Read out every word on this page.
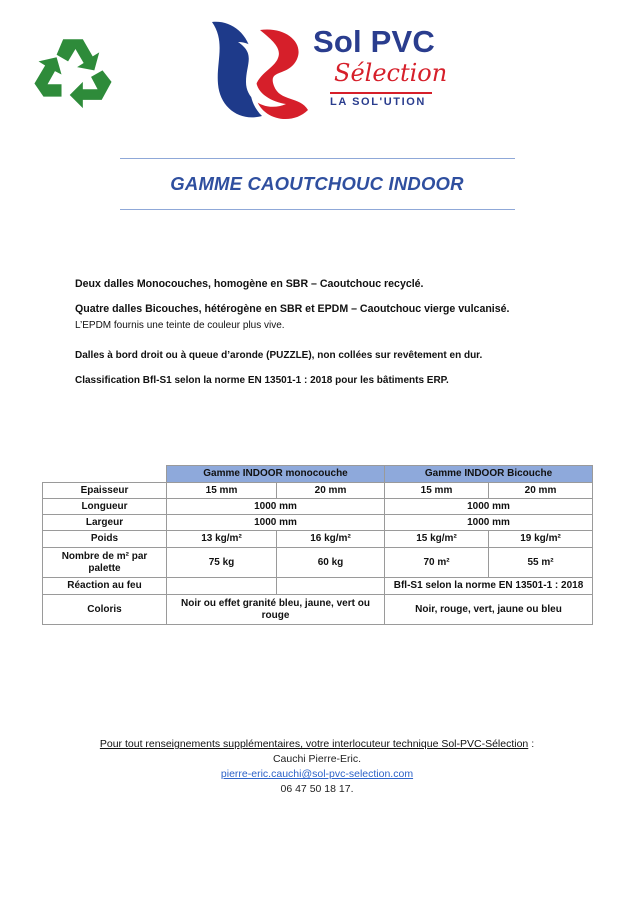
Sol PVC
Sélection
LA SOL'UTION
GAMME CAOUTCHOUC INDOOR
Deux dalles Monocouches, homogène en SBR – Caoutchouc recyclé.
Quatre dalles Bicouches, hétérogène en SBR et EPDM – Caoutchouc vierge vulcanisé.
L’EPDM fournis une teinte de couleur plus vive.
Dalles à bord droit ou à queue d’aronde (PUZZLE), non collées sur revêtement en dur.
Classification Bfl-S1 selon la norme EN 13501-1 : 2018 pour les bâtiments ERP.
	Gamme INDOOR monocouche		Gamme INDOOR Bicouche	
Epaisseur	15 mm	20 mm	15 mm	20 mm
Longueur	1000 mm		1000 mm	
Largeur	1000 mm		1000 mm	
Poids	13 kg/m²	16 kg/m²	15 kg/m²	19 kg/m²
Nombre de m² par palette	75 kg	60 kg	70 m²	55 m²
Réaction au feu			Bfl-S1 selon la norme EN 13501-1 : 2018	
Coloris	Noir ou effet granité bleu, jaune, vert ou rouge		Noir, rouge, vert, jaune ou bleu	
Pour tout renseignements supplémentaires, votre interlocuteur technique Sol-PVC-Sélection :
Cauchi Pierre-Eric.
pierre-eric.cauchi@sol-pvc-selection.com
06 47 50 18 17.
